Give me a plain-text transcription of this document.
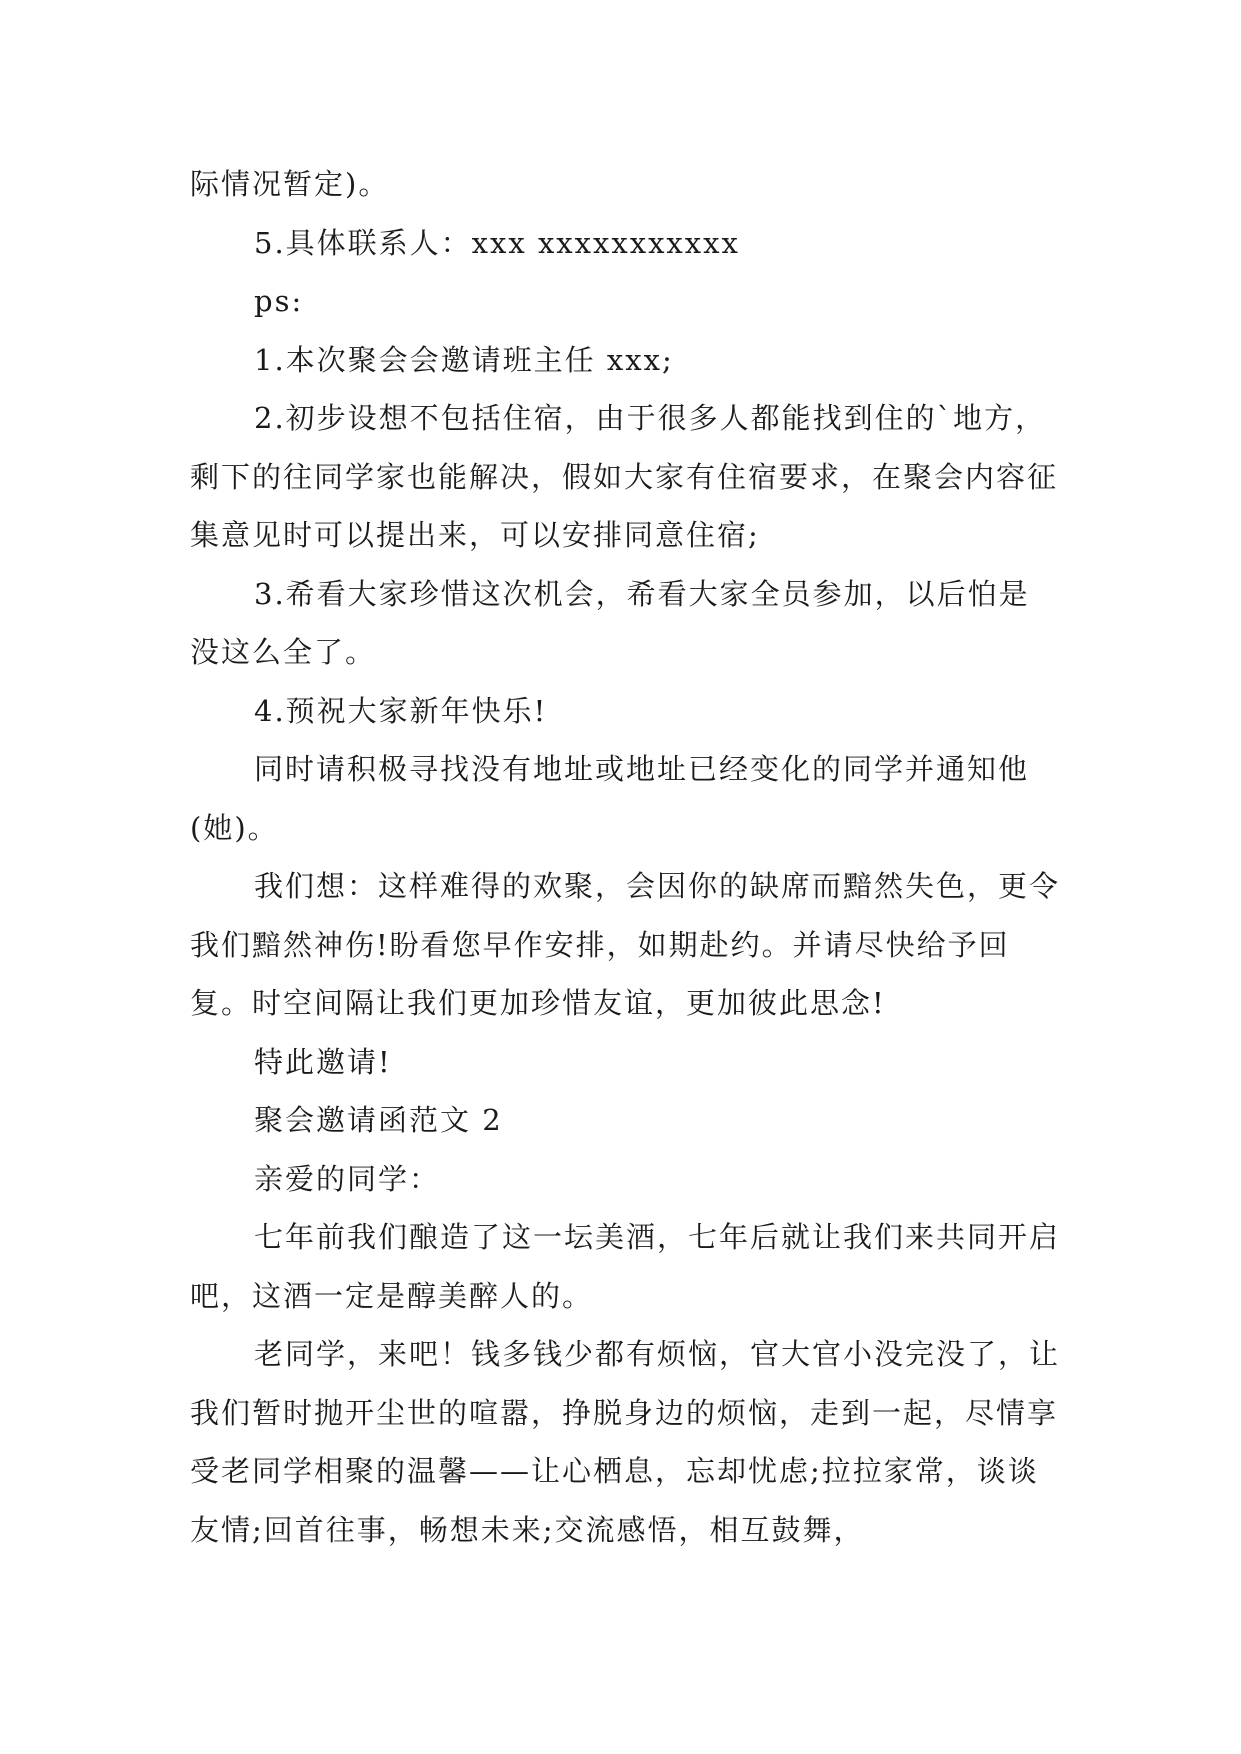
际情况暂定)。

5.具体联系人：xxx xxxxxxxxxxx

ps:

1.本次聚会会邀请班主任 xxx;

2.初步设想不包括住宿，由于很多人都能找到住的`地方，剩下的往同学家也能解决，假如大家有住宿要求，在聚会内容征集意见时可以提出来，可以安排同意住宿;

3.希看大家珍惜这次机会，希看大家全员参加，以后怕是没这么全了。

4.预祝大家新年快乐!

同时请积极寻找没有地址或地址已经变化的同学并通知他(她)。

我们想：这样难得的欢聚，会因你的缺席而黯然失色，更令我们黯然神伤!盼看您早作安排，如期赴约。并请尽快给予回复。时空间隔让我们更加珍惜友谊，更加彼此思念!

特此邀请!

聚会邀请函范文 2

亲爱的同学：

七年前我们酿造了这一坛美酒，七年后就让我们来共同开启吧，这酒一定是醇美醉人的。

老同学，来吧！钱多钱少都有烦恼，官大官小没完没了，让我们暂时抛开尘世的喧嚣，挣脱身边的烦恼，走到一起，尽情享受老同学相聚的温馨——让心栖息，忘却忧虑;拉拉家常，谈谈友情;回首往事，畅想未来;交流感悟，相互鼓舞，
